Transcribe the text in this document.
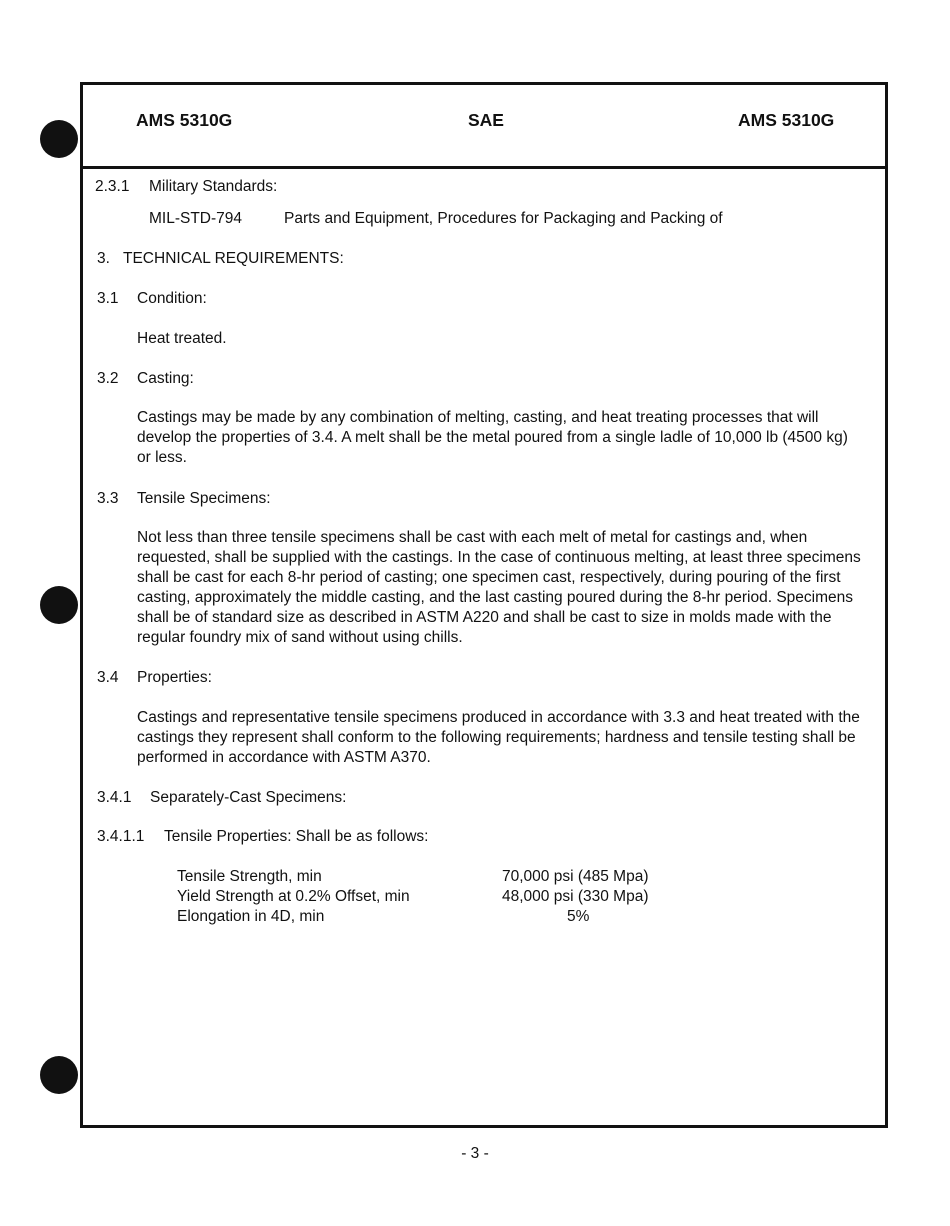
AMS 5310G	SAE	AMS 5310G
2.3.1 Military Standards:
MIL-STD-794	Parts and Equipment, Procedures for Packaging and Packing of
3. TECHNICAL REQUIREMENTS:
3.1 Condition:
Heat treated.
3.2 Casting:
Castings may be made by any combination of melting, casting, and heat treating processes that will develop the properties of 3.4. A melt shall be the metal poured from a single ladle of 10,000 lb (4500 kg) or less.
3.3 Tensile Specimens:
Not less than three tensile specimens shall be cast with each melt of metal for castings and, when requested, shall be supplied with the castings. In the case of continuous melting, at least three specimens shall be cast for each 8-hr period of casting; one specimen cast, respectively, during pouring of the first casting, approximately the middle casting, and the last casting poured during the 8-hr period. Specimens shall be of standard size as described in ASTM A220 and shall be cast to size in molds made with the regular foundry mix of sand without using chills.
3.4 Properties:
Castings and representative tensile specimens produced in accordance with 3.3 and heat treated with the castings they represent shall conform to the following requirements; hardness and tensile testing shall be performed in accordance with ASTM A370.
3.4.1 Separately-Cast Specimens:
3.4.1.1 Tensile Properties: Shall be as follows:
Tensile Strength, min	70,000 psi (485 Mpa)
Yield Strength at 0.2% Offset, min	48,000 psi (330 Mpa)
Elongation in 4D, min	5%
- 3 -
